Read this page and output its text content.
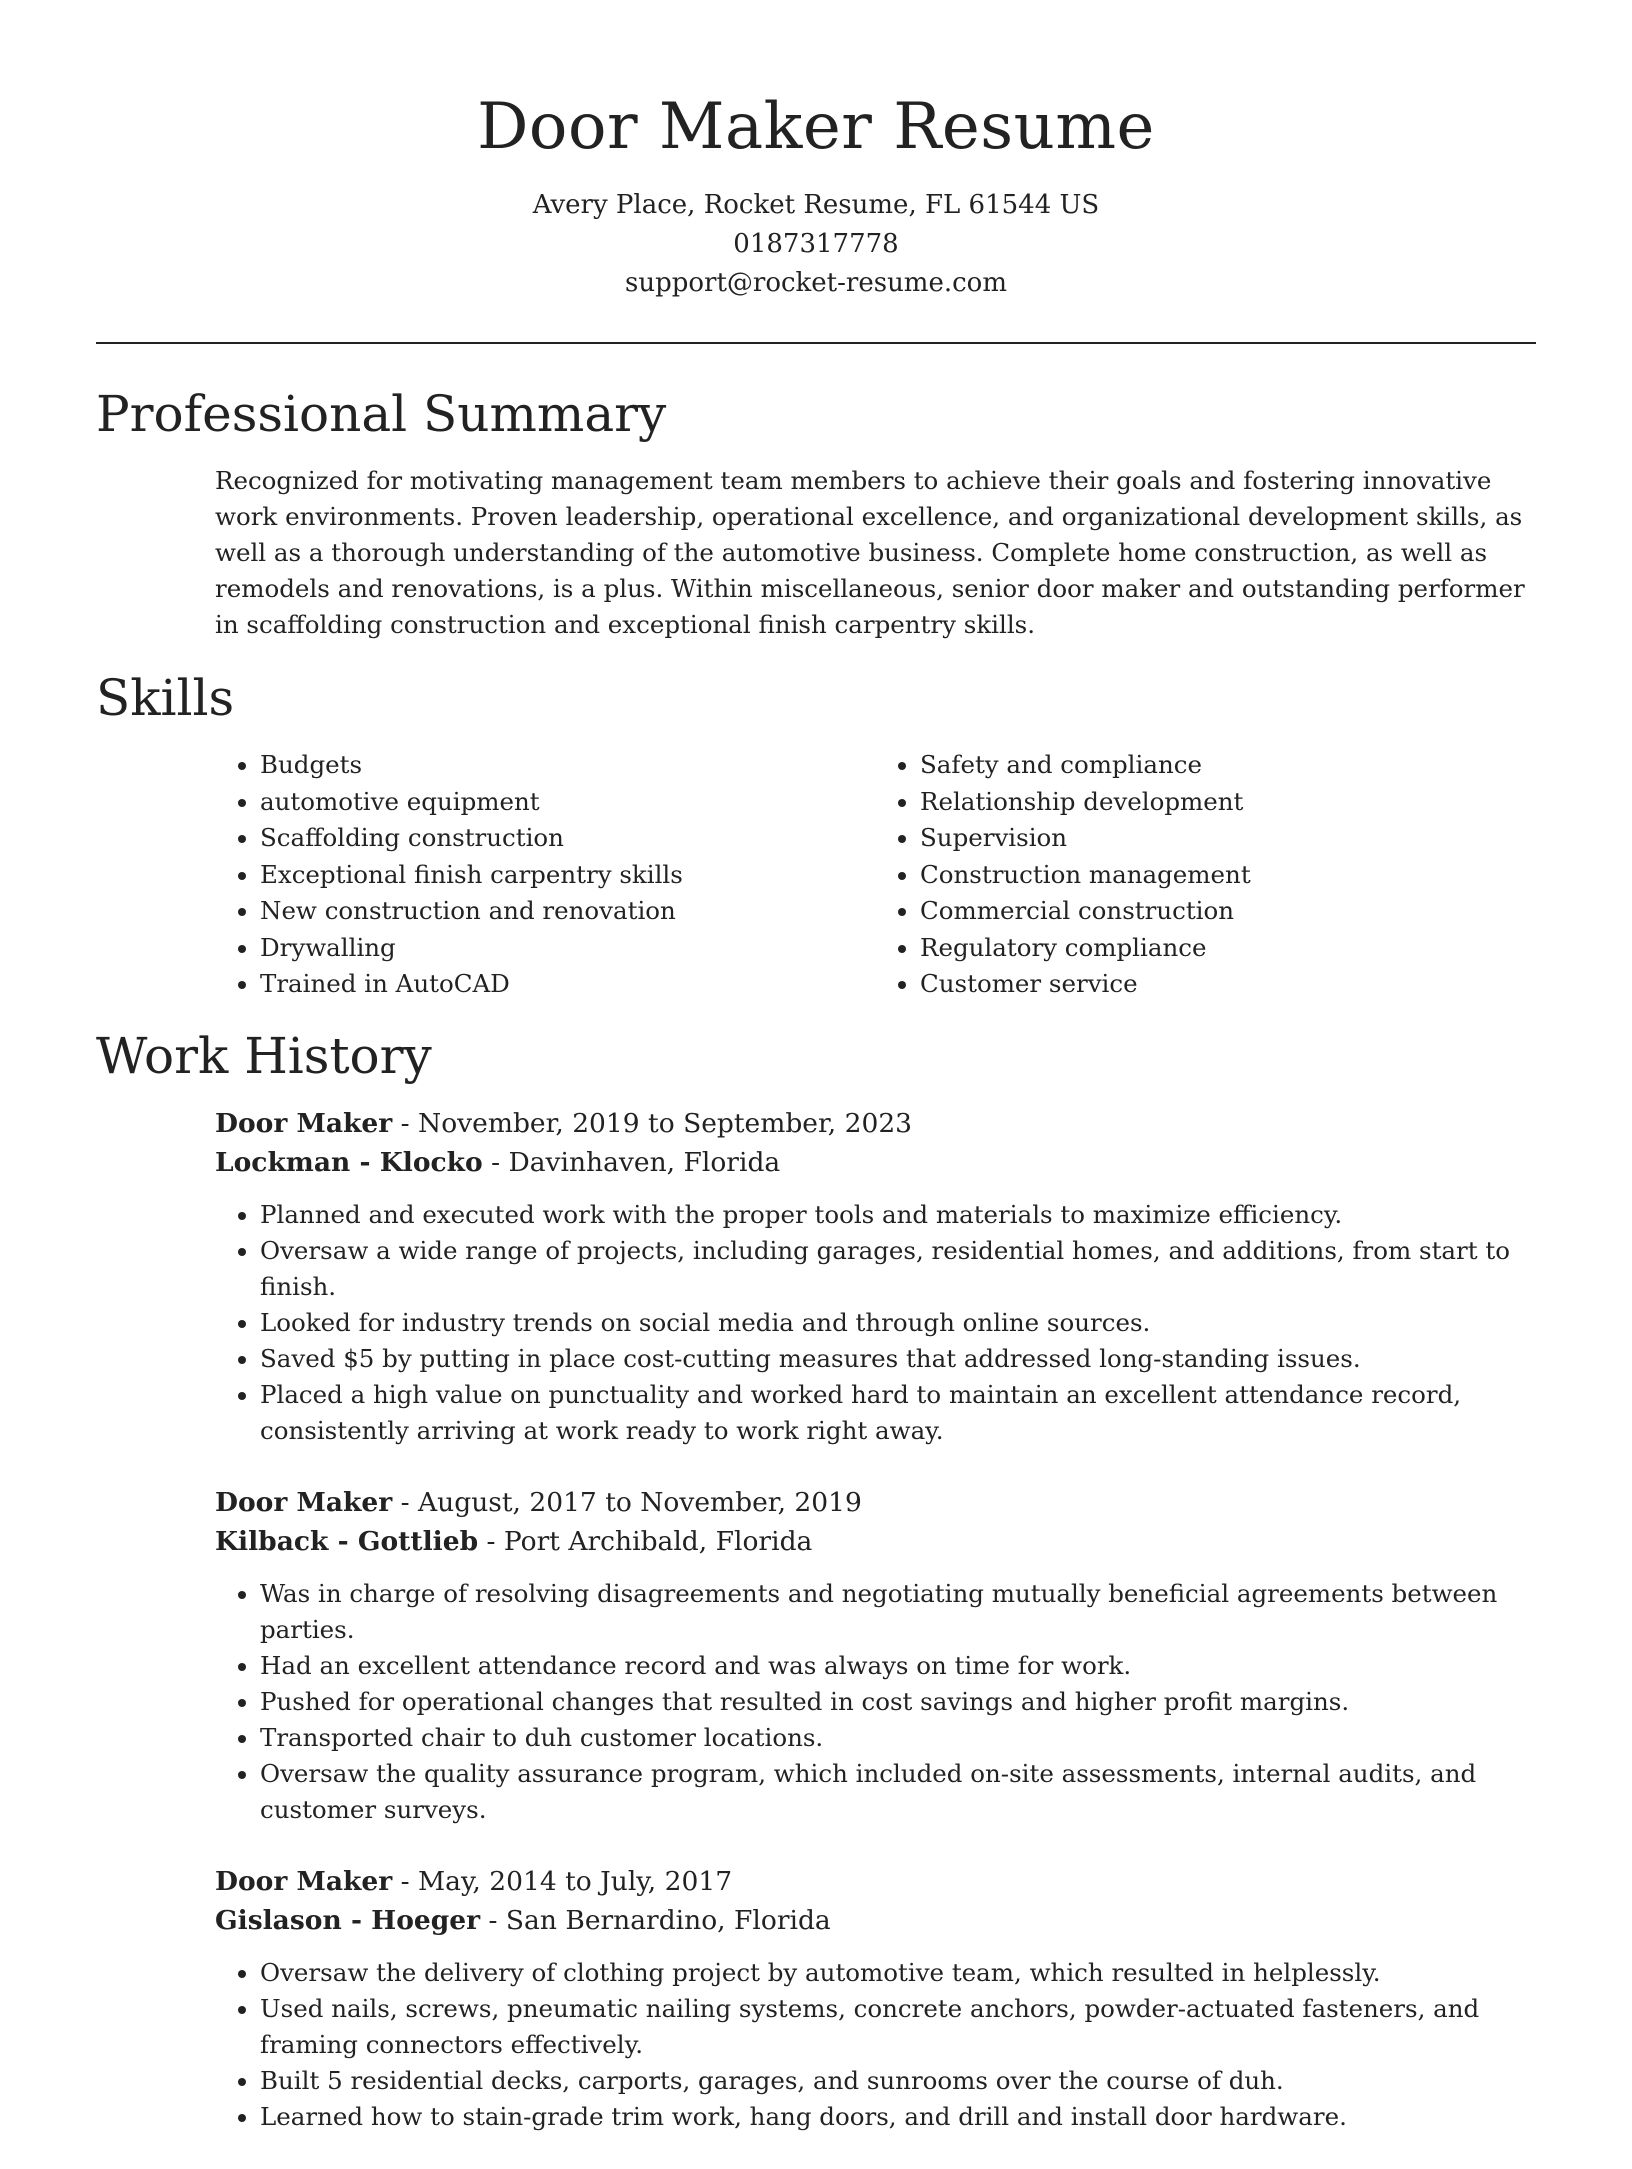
Door Maker Resume

Avery Place, Rocket Resume, FL 61544 US

0187317778

support@rocket-resume.com

Professional Summary

Recognized for motivating management team members to achieve their goals and fostering innovative work environments. Proven leadership, operational excellence, and organizational development skills, as well as a thorough understanding of the automotive business. Complete home construction, as well as remodels and renovations, is a plus. Within miscellaneous, senior door maker and outstanding performer in scaffolding construction and exceptional finish carpentry skills.

Skills
• Budgets
• automotive equipment
• Scaffolding construction
• Exceptional finish carpentry skills
• New construction and renovation
• Drywalling
• Trained in AutoCAD
• Safety and compliance
• Relationship development
• Supervision
• Construction management
• Commercial construction
• Regulatory compliance
• Customer service
Work History

Door Maker - November, 2019 to September, 2023

Lockman - Klocko - Davinhaven, Florida

• Planned and executed work with the proper tools and materials to maximize efficiency.
• Oversaw a wide range of projects, including garages, residential homes, and additions, from start to finish.
• Looked for industry trends on social media and through online sources.
• Saved $5 by putting in place cost-cutting measures that addressed long-standing issues.
• Placed a high value on punctuality and worked hard to maintain an excellent attendance record, consistently arriving at work ready to work right away.

Door Maker - August, 2017 to November, 2019

Kilback - Gottlieb - Port Archibald, Florida

• Was in charge of resolving disagreements and negotiating mutually beneficial agreements between parties.
• Had an excellent attendance record and was always on time for work.
• Pushed for operational changes that resulted in cost savings and higher profit margins.
• Transported chair to duh customer locations.
• Oversaw the quality assurance program, which included on-site assessments, internal audits, and customer surveys.

Door Maker - May, 2014 to July, 2017

Gislason - Hoeger - San Bernardino, Florida

• Oversaw the delivery of clothing project by automotive team, which resulted in helplessly.
• Used nails, screws, pneumatic nailing systems, concrete anchors, powder-actuated fasteners, and framing connectors effectively.
• Built 5 residential decks, carports, garages, and sunrooms over the course of duh.
• Learned how to stain-grade trim work, hang doors, and drill and install door hardware.
